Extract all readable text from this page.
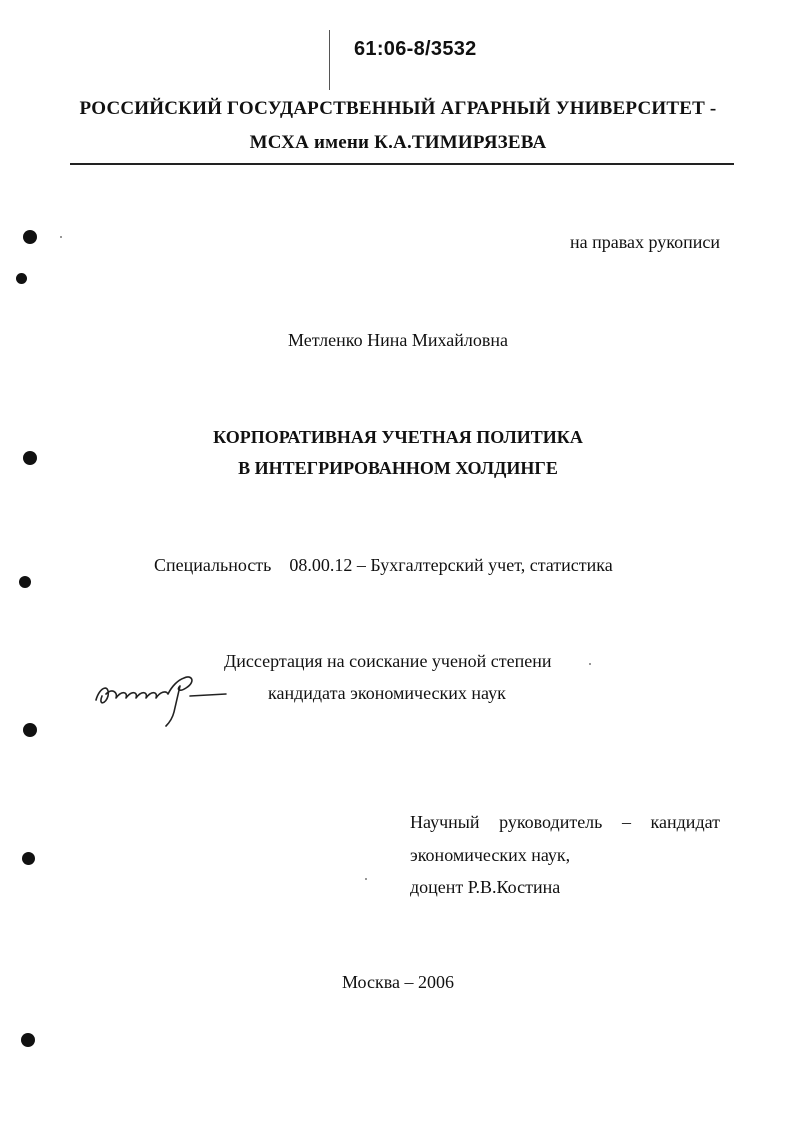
61:06-8/3532
РОССИЙСКИЙ ГОСУДАРСТВЕННЫЙ АГРАРНЫЙ УНИВЕРСИТЕТ -
МСХА имени К.А.ТИМИРЯЗЕВА
на правах рукописи
Метленко Нина Михайловна
КОРПОРАТИВНАЯ УЧЕТНАЯ ПОЛИТИКА
В ИНТЕГРИРОВАННОМ ХОЛДИНГЕ
Специальность 08.00.12 – Бухгалтерский учет, статистика
Диссертация на соискание ученой степени
кандидата экономических наук
Научный руководитель – кандидат
экономических наук,
доцент Р.В.Костина
Москва – 2006
